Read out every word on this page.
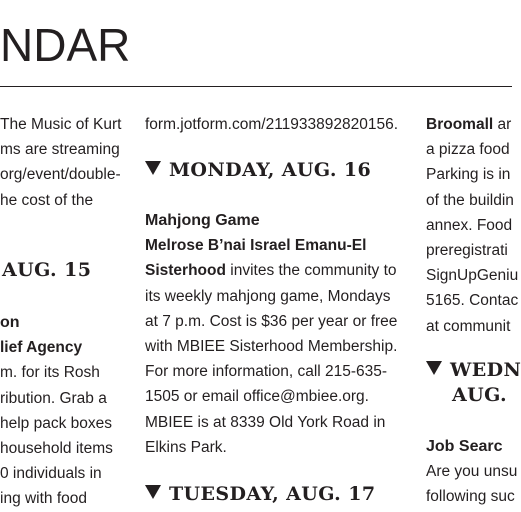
NDAR
The Music of Kurt
ms are streaming
org/event/double-
he cost of the
AUG. 15
on
lief Agency
m. for its Rosh
ribution. Grab a
help pack boxes
household items
0 individuals in
ing with food
form.jotform.com/211933892820156.
MONDAY, AUG. 16
Mahjong Game
Melrose B’nai Israel Emanu-El
Sisterhood invites the community to
its weekly mahjong game, Mondays
at 7 p.m. Cost is $36 per year or free
with MBIEE Sisterhood Membership.
For more information, call 215-635-
1505 or email office@mbiee.org.
MBIEE is at 8339 Old York Road in
Elkins Park.
TUESDAY, AUG. 17
Broomall ar
a pizza food
Parking is in
of the buildin
annex. Food
preregistrati
SignUpGeniu
5165. Contac
at communit
WEDN
AUG.
Job Searc
Are you unsu
following suc
